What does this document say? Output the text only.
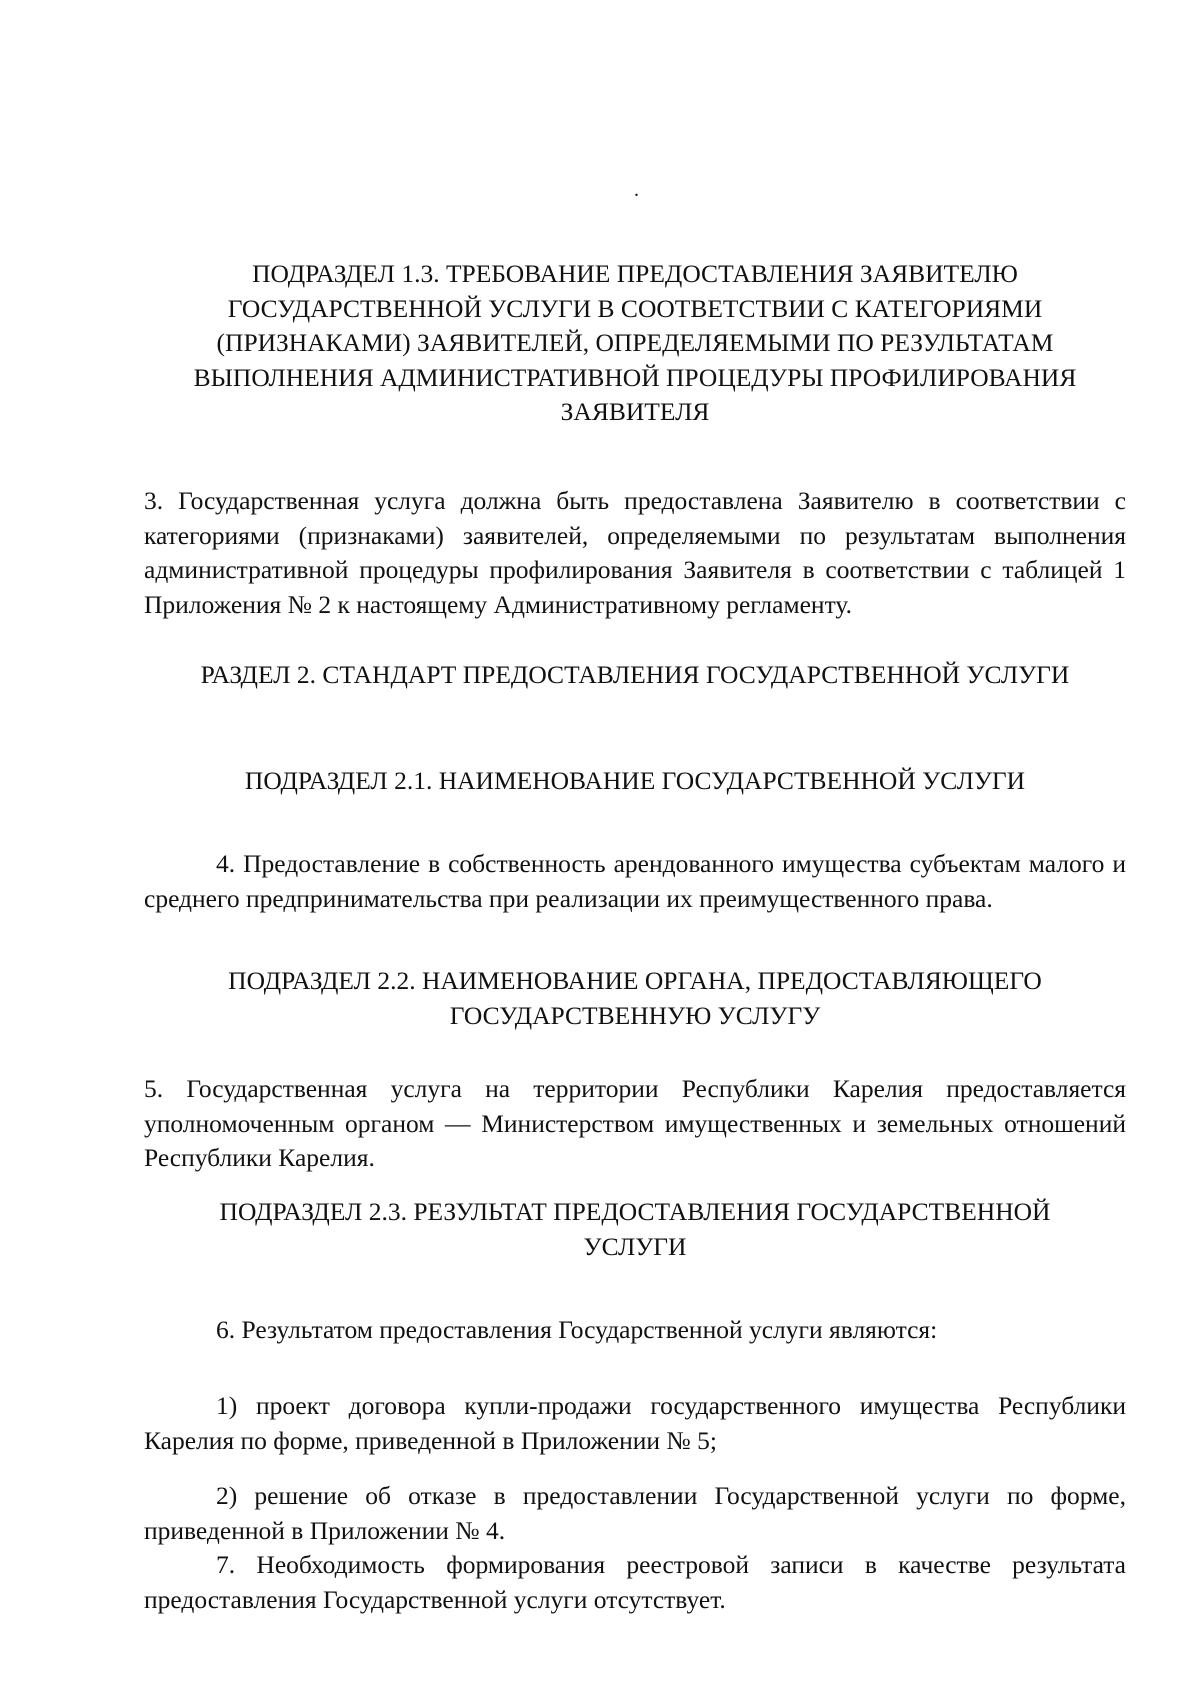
.
ПОДРАЗДЕЛ 1.3. ТРЕБОВАНИЕ ПРЕДОСТАВЛЕНИЯ ЗАЯВИТЕЛЮ ГОСУДАРСТВЕННОЙ УСЛУГИ В СООТВЕТСТВИИ С КАТЕГОРИЯМИ (ПРИЗНАКАМИ) ЗАЯВИТЕЛЕЙ, ОПРЕДЕЛЯЕМЫМИ ПО РЕЗУЛЬТАТАМ ВЫПОЛНЕНИЯ АДМИНИСТРАТИВНОЙ ПРОЦЕДУРЫ ПРОФИЛИРОВАНИЯ ЗАЯВИТЕЛЯ
3. Государственная услуга должна быть предоставлена Заявителю в соответствии с категориями (признаками) заявителей, определяемыми по результатам выполнения административной процедуры профилирования Заявителя в соответствии с таблицей 1 Приложения № 2 к настоящему Административному регламенту.
РАЗДЕЛ 2. СТАНДАРТ ПРЕДОСТАВЛЕНИЯ ГОСУДАРСТВЕННОЙ УСЛУГИ
ПОДРАЗДЕЛ 2.1. НАИМЕНОВАНИЕ ГОСУДАРСТВЕННОЙ УСЛУГИ
4. Предоставление в собственность арендованного имущества субъектам малого и среднего предпринимательства при реализации их преимущественного права.
ПОДРАЗДЕЛ 2.2. НАИМЕНОВАНИЕ ОРГАНА, ПРЕДОСТАВЛЯЮЩЕГО ГОСУДАРСТВЕННУЮ УСЛУГУ
5. Государственная услуга на территории Республики Карелия предоставляется уполномоченным органом — Министерством имущественных и земельных отношений Республики Карелия.
ПОДРАЗДЕЛ 2.3. РЕЗУЛЬТАТ ПРЕДОСТАВЛЕНИЯ ГОСУДАРСТВЕННОЙ УСЛУГИ
6. Результатом предоставления Государственной услуги являются:
1) проект договора купли-продажи государственного имущества Республики Карелия по форме, приведенной в Приложении № 5;
2) решение об отказе в предоставлении Государственной услуги по форме, приведенной в Приложении № 4.
7. Необходимость формирования реестровой записи в качестве результата предоставления Государственной услуги отсутствует.
